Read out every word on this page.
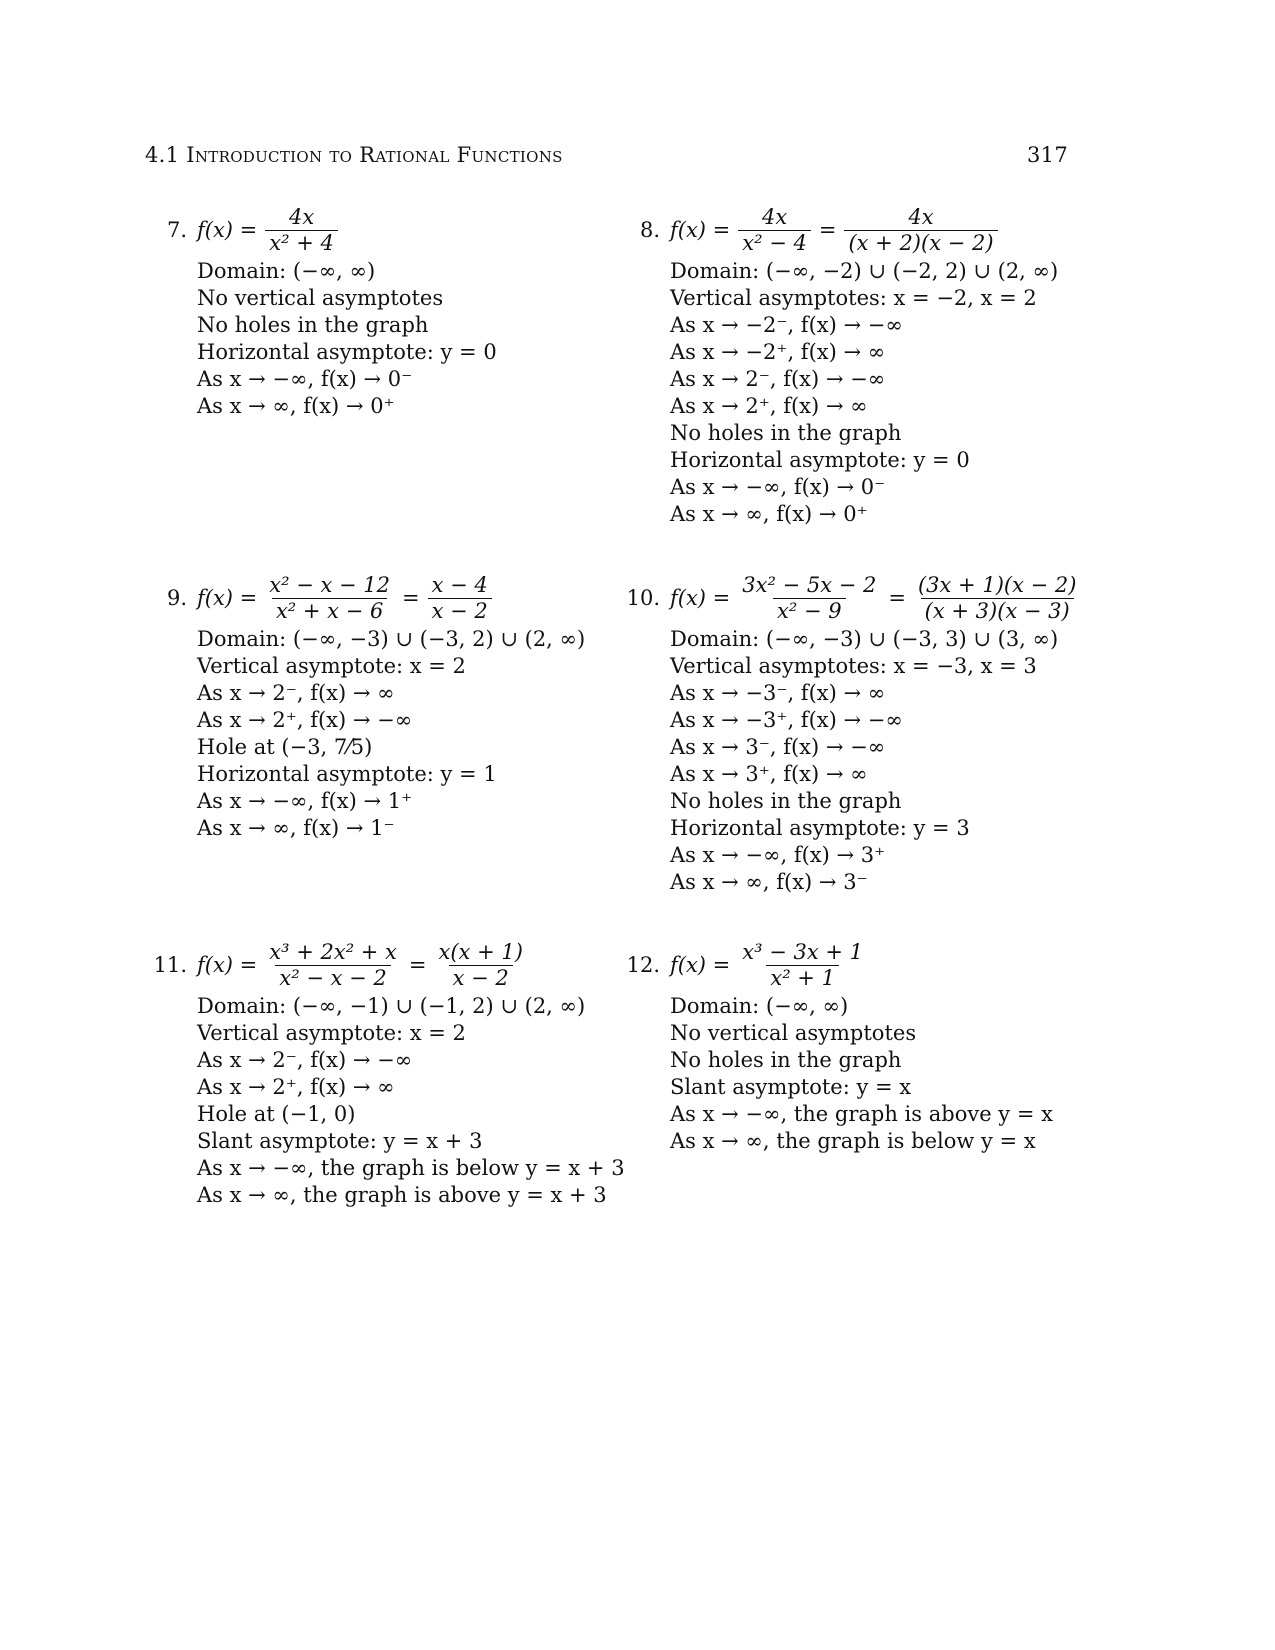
4.1 Introduction to Rational Functions	317
7. $f(x) = \frac{4x}{\text{x² + 4}}$
Domain: (−∞, ∞)
No vertical asymptotes
No holes in the graph
Horizontal asymptote: y = 0
As x → −∞, f(x) → 0⁻
As x → ∞, f(x) → 0⁺
8. $f(x) = \frac{4x}{\text{x² − 4}} = \frac{4x}{(x + 2)(x - 2)}$
Domain: (−∞, −2) ∪ (−2, 2) ∪ (2, ∞)
Vertical asymptotes: x = −2, x = 2
As x → −2⁻, f(x) → −∞
As x → −2⁺, f(x) → ∞
As x → 2⁻, f(x) → −∞
As x → 2⁺, f(x) → ∞
No holes in the graph
Horizontal asymptote: y = 0
As x → −∞, f(x) → 0⁻
As x → ∞, f(x) → 0⁺
9. $f(x) = \frac{\text{x² − x − 12}}{\text{x² + x − 6}} = \frac{x - 4}{x - 2}$
Domain: (−∞, −3) ∪ (−3, 2) ∪ (2, ∞)
Vertical asymptote: x = 2
As x → 2⁻, f(x) → ∞
As x → 2⁺, f(x) → −∞
Hole at (−3, 7⁄5)
Horizontal asymptote: y = 1
As x → −∞, f(x) → 1⁺
As x → ∞, f(x) → 1⁻
10. $f(x) = \frac{\text{3x² − 5x − 2}}{\text{x² − 9}} = \frac{(3x + 1)(x - 2)}{(x + 3)(x - 3)}$
Domain: (−∞, −3) ∪ (−3, 3) ∪ (3, ∞)
Vertical asymptotes: x = −3, x = 3
As x → −3⁻, f(x) → ∞
As x → −3⁺, f(x) → −∞
As x → 3⁻, f(x) → −∞
As x → 3⁺, f(x) → ∞
No holes in the graph
Horizontal asymptote: y = 3
As x → −∞, f(x) → 3⁺
As x → ∞, f(x) → 3⁻
11. $f(x) = \frac{\text{x³ + 2x² + x}}{\text{x² − x − 2}} = \frac{x(x + 1)}{x - 2}$
Domain: (−∞, −1) ∪ (−1, 2) ∪ (2, ∞)
Vertical asymptote: x = 2
As x → 2⁻, f(x) → −∞
As x → 2⁺, f(x) → ∞
Hole at (−1, 0)
Slant asymptote: y = x + 3
As x → −∞, the graph is below y = x + 3
As x → ∞, the graph is above y = x + 3
12. $f(x) = \frac{\text{x³ − 3x + 1}}{\text{x² + 1}}$
Domain: (−∞, ∞)
No vertical asymptotes
No holes in the graph
Slant asymptote: y = x
As x → −∞, the graph is above y = x
As x → ∞, the graph is below y = x
